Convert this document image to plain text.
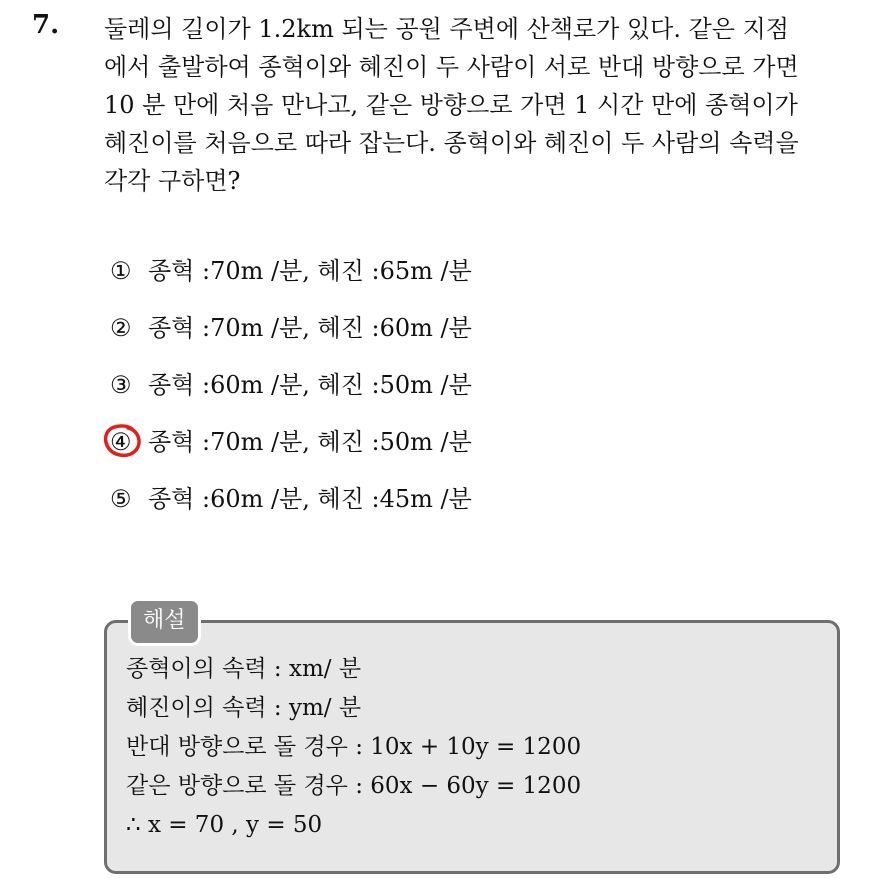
7. 둘레의 길이가 1.2km 되는 공원 주변에 산책로가 있다. 같은 지점
에서 출발하여 종혁이와 혜진이 두 사람이 서로 반대 방향으로 가면
10 분 만에 처음 만나고, 같은 방향으로 가면 1 시간 만에 종혁이가
혜진이를 처음으로 따라 잡는다. 종혁이와 혜진이 두 사람의 속력을
각각 구하면?

① 종혁 :70m /분, 혜진 :65m /분
② 종혁 :70m /분, 혜진 :60m /분
③ 종혁 :60m /분, 혜진 :50m /분
④ 종혁 :70m /분, 혜진 :50m /분
⑤ 종혁 :60m /분, 혜진 :45m /분
해설

종혁이의 속력 : xm/ 분
혜진이의 속력 : ym/ 분
반대 방향으로 돌 경우 : 10x + 10y = 1200
같은 방향으로 돌 경우 : 60x − 60y = 1200
∴ x = 70 , y = 50
